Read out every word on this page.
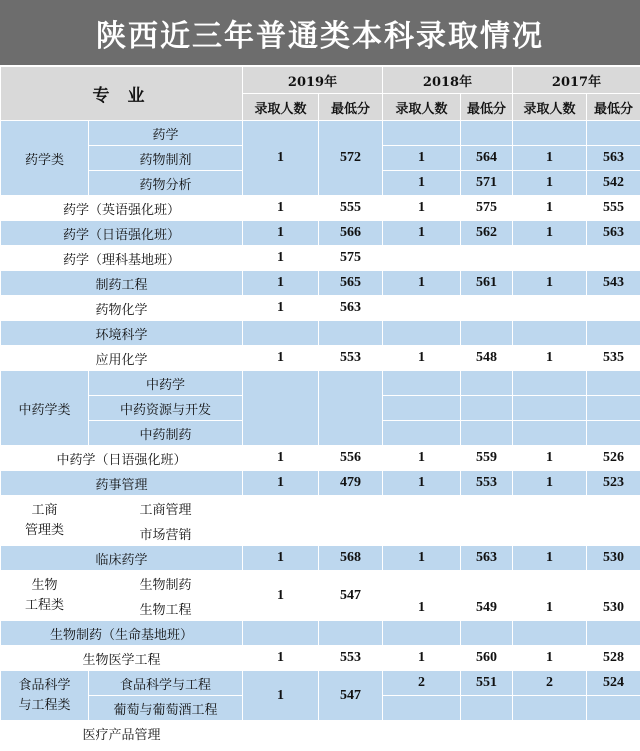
陕西近三年普通类本科录取情况
专 业		2019年		2018年		2017年	
		录取人数	最低分	录取人数	最低分	录取人数	最低分
药学类	药学	1	572				
	药物制剂			1	564	1	563
	药物分析			1	571	1	542
药学（英语强化班）		1	555	1	575	1	555
药学（日语强化班）		1	566	1	562	1	563
药学（理科基地班）		1	575				
制药工程		1	565	1	561	1	543
药物化学		1	563				
环境科学							
应用化学		1	553	1	548	1	535
中药学类	中药学						
	中药资源与开发						
	中药制药						
中药学（日语强化班）		1	556	1	559	1	526
药事管理		1	479	1	553	1	523
工商
管理类	工商管理						
	市场营销						
临床药学		1	568	1	563	1	530
生物
工程类	生物制药	1	547				
	生物工程			1	549	1	530
生物制药（生命基地班）							
生物医学工程		1	553	1	560	1	528
食品科学
与工程类	食品科学与工程	1	547	2	551	2	524
	葡萄与葡萄酒工程						
医疗产品管理							
